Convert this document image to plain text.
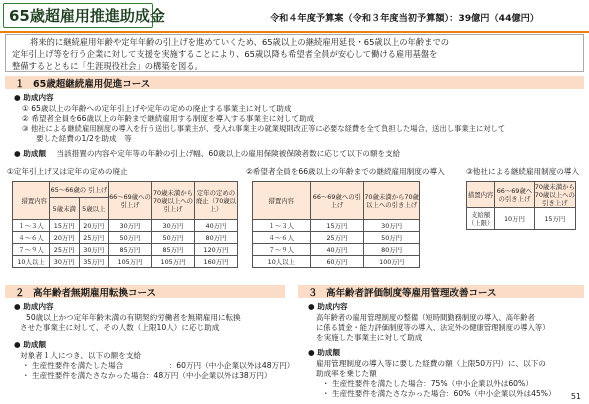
65歳超雇用推進助成金	令和４年度予算案（令和３年度当初予算額）：39億円（44億円）
将来的に継続雇用年齢や定年年齢の引上げを進めていくため、65歳以上の継続雇用延長・65歳以上の年齢までの
定年引上げ等を行う企業に対して支援を実施することにより、65歳以降も希望者全員が安心して働ける雇用基盤を
整備するとともに「生涯現役社会」の構築を図る。
１ 65歳超継続雇用促進コース
● 助成内容
① 65歳以上の年齢への定年引上げや定年の定めの廃止する事業主に対して助成
② 希望者全員を66歳以上の年齢まで継続雇用する制度を導入する事業主に対して助成
③ 他社による継続雇用制度の導入を行う送出し事業主が、受入れ事業主の就業規則改正等に必要な経費を全て負担した場合、送出し事業主に対して
要した経費の1/2を助成　等
● 助成額 当該措置の内容や定年等の年齢の引上げ幅、60歳以上の雇用保険被保険者数に応じて以下の額を支給
①定年引上げ又は定年の定めの廃止	②希望者全員を66歳以上の年齢までの継続雇用制度の導入	③他社による継続雇用制度の導入
措置内容	65～66歳の 引上げ		66～69歳への引上げ	70歳未満から70歳以上への引上げ	定年の定めの廃止（70歳以上）
	5歳未満	5歳以上			
１～３人	15万円	20万円	30万円	30万円	40万円
４～６人	20万円	25万円	50万円	50万円	80万円
７～９人	25万円	30万円	85万円	85万円	120万円
10人以上	30万円	35万円	105万円	105万円	160万円
措置内容	66～69歳への引上げ	70歳未満から70歳以上への引き上げ
１～３人	15万円	30万円
４～６人	25万円	50万円
７～９人	40万円	80万円
10人以上	60万円	100万円
措置内容	66～69歳への引き上げ	70歳未満から70歳以上への引き上げ
支給額
（上限）	10万円	15万円
２ 高年齢者無期雇用転換コース
● 助成内容
50歳以上かつ定年年齢未満の有期契約労働者を無期雇用に転換
させた事業主に対して、その人数（上限10人）に応じ助成
● 助成額
対象者１人につき、以下の額を支給
・ 生産性要件を満たした場合　　　　　　：60万円（中小企業以外は48万円）
・ 生産性要件を満たさなかった場合：48万円（中小企業以外は38万円）
３ 高年齢者評価制度等雇用管理改善コース
● 助成内容
高年齢者の雇用管理制度の整備（短時間勤務制度の導入、高年齢者
に係る賃金・能力評価制度等の導入、法定外の健康管理制度の導入等）
を実施した事業主に対して助成
● 助成額
雇用管理制度の導入等に要した経費の額（上限50万円）に、以下の
助成率を乗じた額
・ 生産性要件を満たした場合：75%（中小企業以外は60%）
・ 生産性要件を満たさなかった場合：60%（中小企業以外は45%） 51
